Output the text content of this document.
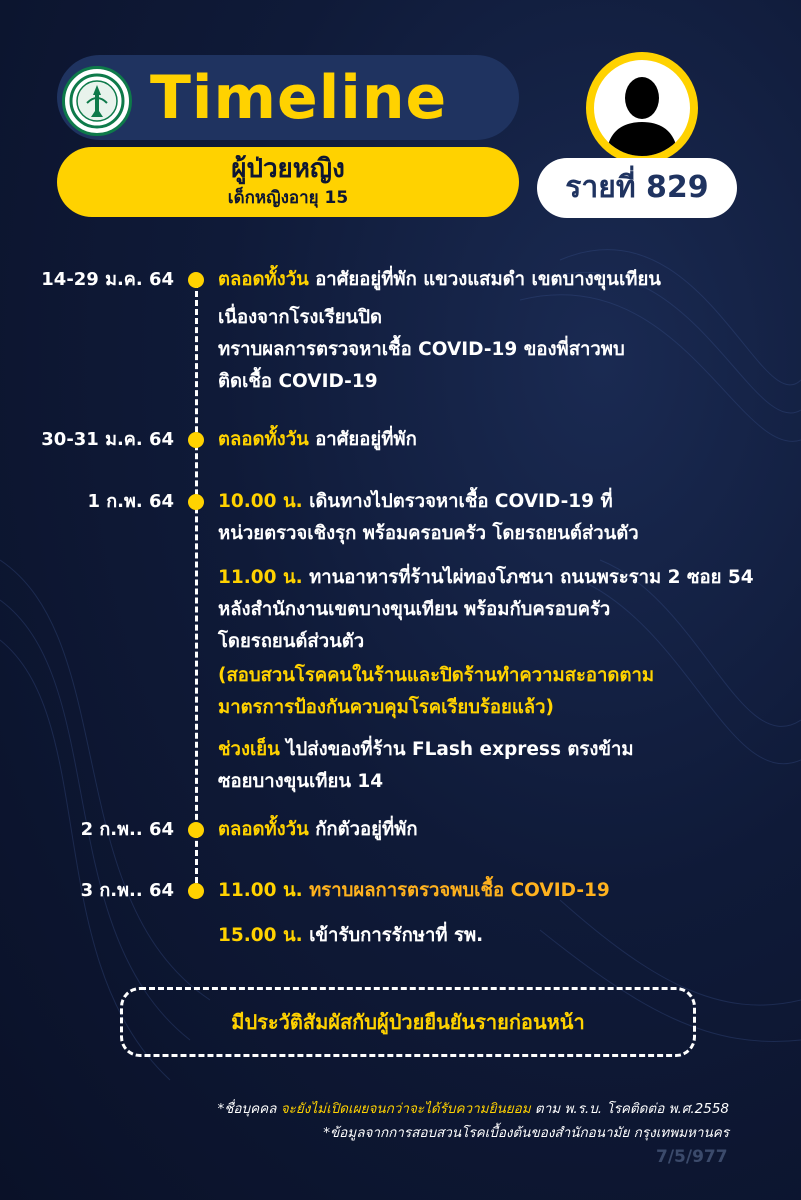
Timeline
ผู้ป่วยหญิง
เด็กหญิงอายุ 15	รายที่ 829
14-29 ม.ค. 64 ตลอดทั้งวัน อาศัยอยู่ที่พัก แขวงแสมดำ เขตบางขุนเทียน
เนื่องจากโรงเรียนปิด
ทราบผลการตรวจหาเชื้อ COVID-19 ของพี่สาวพบ
ติดเชื้อ COVID-19
30-31 ม.ค. 64 ตลอดทั้งวัน อาศัยอยู่ที่พัก
1 ก.พ. 64 10.00 น. เดินทางไปตรวจหาเชื้อ COVID-19 ที่
หน่วยตรวจเชิงรุก พร้อมครอบครัว โดยรถยนต์ส่วนตัว
11.00 น. ทานอาหารที่ร้านไผ่ทองโภชนา ถนนพระราม 2 ซอย 54
หลังสำนักงานเขตบางขุนเทียน พร้อมกับครอบครัว
โดยรถยนต์ส่วนตัว
(สอบสวนโรคคนในร้านและปิดร้านทำความสะอาดตาม
มาตรการป้องกันควบคุมโรคเรียบร้อยแล้ว)
ช่วงเย็น ไปส่งของที่ร้าน FLash express ตรงข้าม
ซอยบางขุนเทียน 14
2 ก.พ.. 64 ตลอดทั้งวัน กักตัวอยู่ที่พัก
3 ก.พ.. 64 11.00 น. ทราบผลการตรวจพบเชื้อ COVID-19
15.00 น. เข้ารับการรักษาที่ รพ.
มีประวัติสัมผัสกับผู้ป่วยยืนยันรายก่อนหน้า
*ชื่อบุคคล จะยังไม่เปิดเผยจนกว่าจะได้รับความยินยอม ตาม พ.ร.บ. โรคติดต่อ พ.ศ.2558
*ข้อมูลจากการสอบสวนโรคเบื้องต้นของสำนักอนามัย กรุงเทพมหานคร
7/5/977
